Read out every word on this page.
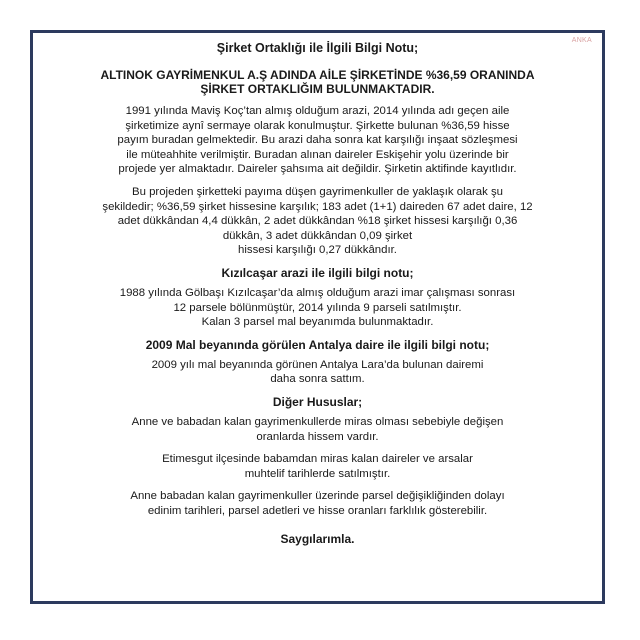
ANKA
Şirket Ortaklığı ile İlgili Bilgi Notu;
ALTINOK GAYRİMENKUL A.Ş ADINDA AİLE ŞİRKETİNDE %36,59 ORANINDA
ŞİRKET ORTAKLIĞIM BULUNMAKTADIR.
1991 yılında Maviş Koç’tan almış olduğum arazi, 2014 yılında adı geçen aile
şirketimize aynî sermaye olarak konulmuştur. Şirkette bulunan %36,59 hisse
payım buradan gelmektedir. Bu arazi daha sonra kat karşılığı inşaat sözleşmesi
ile müteahhite verilmiştir. Buradan alınan daireler Eskişehir yolu üzerinde bir
projede yer almaktadır. Daireler şahsıma ait değildir. Şirketin aktifinde kayıtlıdır.
Bu projeden şirketteki payıma düşen gayrimenkuller de yaklaşık olarak şu
şekildedir; %36,59 şirket hissesine karşılık; 183 adet (1+1) daireden 67 adet daire, 12
adet dükkândan 4,4 dükkân, 2 adet dükkândan %18 şirket hissesi karşılığı 0,36
dükkân, 3 adet dükkândan 0,09 şirket
hissesi karşılığı 0,27 dükkândır.
Kızılcaşar arazi ile ilgili bilgi notu;
1988 yılında Gölbaşı Kızılcaşar’da almış olduğum arazi imar çalışması sonrası
12 parsele bölünmüştür, 2014 yılında 9 parseli satılmıştır.
Kalan 3 parsel mal beyanımda bulunmaktadır.
2009 Mal beyanında görülen Antalya daire ile ilgili bilgi notu;
2009 yılı mal beyanında görünen Antalya Lara’da bulunan dairemi
daha sonra sattım.
Diğer Hususlar;
Anne ve babadan kalan gayrimenkullerde miras olması sebebiyle değişen
oranlarda hissem vardır.
Etimesgut ilçesinde babamdan miras kalan daireler ve arsalar
muhtelif tarihlerde satılmıştır.
Anne babadan kalan gayrimenkuller üzerinde parsel değişikliğinden dolayı
edinim tarihleri, parsel adetleri ve hisse oranları farklılık gösterebilir.
Saygılarımla.
